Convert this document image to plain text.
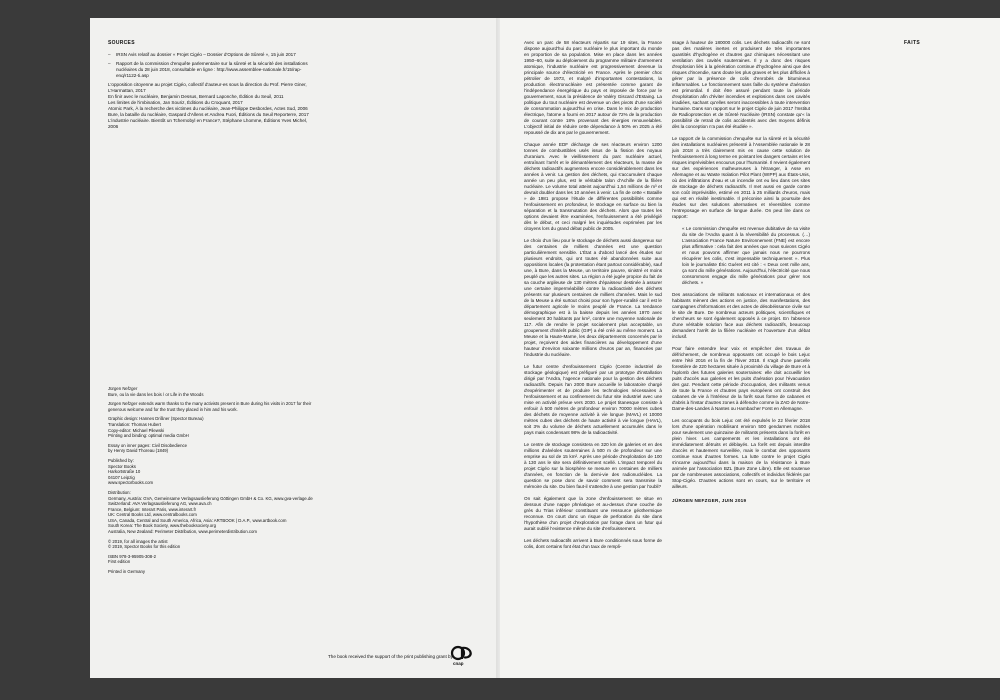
SOURCES
– IRSN Avis relatif au dossier « Projet Cigéo – Dossier d'Options de Sûreté », 15 juin 2017
– Rapport de la commission d'enquête parlementaire sur la sûreté et la sécurité des installations nucléaires du 28 juin 2018, consultable en ligne : http://www.assemblee-nationale.fr/15/rap-enq/r1122-ti.asp

L'opposition citoyenne au projet Cigéo, collectif d'auteur-es sous la direction du Prof. Pierre Giner, L'Harmattan, 2017

En finir avec le nucléaire, Benjamin Dessus, Bernard Laponche, Édition du Seuil, 2011

Les limites de l'imbination, Jan Souriz, Éditions du Croquant, 2017

Atomic Park, À la recherche des victimes du nucléaire, Jean-Philippe Desbordes, Actes Sud, 2006

Bure, la bataille du nucléaire, Gaspard d'Allens et Andrea Fuori, Éditions du Seuil Reporterre, 2017

L'industrie nucléaire. Bientôt un Tchernobyl en France?, Stéphane Lhomme, Éditions Yves Michel, 2006

Jürgen Nefzger
Bure, ou la vie dans les bois / or Life in the Woods

Jürgen Nefzger extends warm thanks to the many activists present in Bure during his visits in 2017 for their generous welcome and for the trust they placed in him and his work.

Graphic design: Hannes Drißner (Spector Bureau)
Translation: Thomas Hubert
Copy-editor: Michael Pilewski
Printing and binding: optimal media GmbH

Essay on inner pages: Civil Disobedience
by Henry David Thoreau (1849)

Published by:
Spector Books
Harkortstraße 10
04107 Leipzig
www.spectorbooks.com

Distribution:
Germany, Austria: GVA, Gemeinsame Verlagsauslieferung Göttingen GmbH & Co. KG, www.gva-verlage.de
Switzerland: AVA Verlagsauslieferung AG, www.ava.ch
France, Belgium: Interart Paris, www.interart.fr
UK: Central Books Ltd, www.centralbooks.com
USA, Canada, Central and South America, Africa, Asia: ARTBOOK | D.A.P., www.artbook.com
South Korea: The Book Society, www.thebooksociety.org
Australia, New Zealand: Perimeter Distribution, www.perimeterdistribution.com

© 2019, for all images the artist
© 2019, Spector Books for this edition

ISBN 978-3-95905-308-2
First edition

Printed in Germany

The book received the support of the print publishing grant by
cnap

Avec un parc de 58 réacteurs répartis sur 19 sites, la France dispose aujourd'hui du parc nucléaire le plus important du monde en proportion de sa population. Mise en place dans les années 1950–60, suite au déploiement du programme militaire d'armement atomique, l'industrie nucléaire est progressivement devenue la principale source d'électricité en France. Après le premier choc pétrolier de 1973, et malgré d'importantes contestations, la production électronucléaire est présentée comme garant de l'indépendance énergétique du pays et imposée de force par le gouvernement, sous la présidence de Valéry Giscard d'Estaing. La politique du tout nucléaire est devenue un des pivots d'une société de consommation aujourd'hui en crise. Dans le mix de production électrique, l'atome a fourni en 2017 autour de 72% de la production de courant contre 18% provenant des énergies renouvelables. L'objectif initial de réduire cette dépendance à 50% en 2025 a été repoussé de dix ans par le gouvernement.

Chaque année EDF décharge de ses réacteurs environ 1200 tonnes de combustibles usés issus de la fission des noyaux d'uranium. Avec le vieillissement du parc nucléaire actuel, entraînant l'arrêt et le démantèlement des réacteurs, la masse de déchets radioactifs augmentera encore considérablement dans les années à venir. La gestion des déchets, qui s'accumulent chaque année un peu plus, est le véritable talon d'Achille de la filière nucléaire. Le volume total atteint aujourd'hui 1,54 millions de m³ et devrait doubler dans les 10 années à venir. La fin de cette « Bataille » de 1981 propose l'étude de différentes possibilités comme l'enfouissement en profondeur, le stockage en surface ou bien la séparation et la transmutation des déchets. Alors que toutes les options devaient être examinées, l'enfouissement a été privilégié dès le début, et ceci malgré les inquiétudes exprimées par les citoyens lors du grand débat public de 2005.

Le choix d'un lieu pour le stockage de déchets aussi dangereux sur des centaines de milliers d'années est une question particulièrement sensible. L'État a d'abord lancé des études sur plusieurs endroits, qui ont toutes été abandonnées suite aux oppositions locales (la protestation étant partout considérable), sauf une, à Bure, dans la Meuse, un territoire pauvre, sinistré et moins peuplé que les autres sites. La région a été jugée propice du fait de sa couche argileuse de 130 mètres d'épaisseur destinée à assurer une certaine imperméabilité contre la radioactivité des déchets présents sur plusieurs centaines de milliers d'années. Mais le sud de la Meuse a été surtout choisi pour son hyper-ruralité car il est le département agricole le moins peuplé de France. La tendance démographique est à la baisse depuis les années 1970 avec seulement 30 habitants par km², contre une moyenne nationale de 117. Afin de rendre le projet socialement plus acceptable, un groupement d'intérêt public (GIP) a été créé au même moment. La Meuse et la Haute-Marne, les deux départements concernés par le projet, reçoivent des aides financières au développement d'une hauteur d'environ soixante millions d'euros par an, financées par l'industrie du nucléaire.

Le futur centre d'enfouissement Cigéo (Centre industriel de stockage géologique) est préfiguré par un prototype d'installation dirigé par l'Andra, l'agence nationale pour la gestion des déchets radioactifs. Depuis l'an 2000 Bure accueille le laboratoire chargé d'expérimenter et de produire les technologies nécessaires à l'enfouissement et au confinement du futur site industriel avec une mise en activité prévue vers 2030. Le projet titanesque consiste à enfouir à 500 mètres de profondeur environ 70000 mètres cubes des déchets de moyenne activité à vie longue (MAVL) et 10000 mètres cubes des déchets de haute activité à vie longue (HAVL), soit 3% du volume de déchets actuellement accumulés dans le pays mais condensant 98% de la radioactivité.

Le centre de stockage consistera en 320 km de galeries et en des millions d'alvéoles souterraines à 500 m de profondeur sur une emprise au sol de 15 km². Après une période d'exploitation de 100 à 130 ans le site sera définitivement scellé. L'impact temporel du projet Cigéo sur la biosphère se mesure en centaines de milliers d'années, en fonction de la demi-vie des radionucléides. La question se pose donc de savoir comment sera transmise la mémoire du site. Du bien faut-il s'attendre à une gestion par l'oubli?

On sait également que la zone d'enfouissement se situe en dessous d'une nappe phréatique et au-dessus d'une couche de grès du Trias inférieur constituant une ressource géothermique reconnue. On court donc un risque de perforation du site dans l'hypothèse d'un projet d'exploration par forage dans un futur qui aurait oublié l'existence même du site d'enfouissement.

Les déchets radioactifs arrivent à Bure conditionnés sous forme de colis, dont certains font état d'un taux de rempli-

ssage à hauteur de 180000 colis. Les déchets radioactifs ne sont pas des matières inertes et produisent de très importantes quantités d'hydrogène et d'autres gaz chimiques nécessitant une ventilation des cavités souterraines. Il y a donc des risques d'explosion liés à la génération continue d'hydrogène ainsi que des risques d'incendie, sans doute les plus graves et les plus difficiles à gérer par la présence de colis d'enrobés de bitumineux inflammables. Le fonctionnement sans faille du système d'aération est primordial. Il doit être assuré pendant toute la période d'exploitation afin d'éviter incendies et explosions dans ces cavités irradiées, sachant qu'elles seront inaccessibles à toute intervention humaine. Dans son rapport sur le projet Cigéo de juin 2017 l'Institut de Radioprotection et de Sûreté Nucléaire (IRSN) constate qu'« la possibilité de retrait de colis accidentés avec des moyens définis dès la conception n'a pas été étudiée ».

Le rapport de la commission d'enquête sur la sûreté et la sécurité des installations nucléaires présenté à l'Assemblée nationale le 28 juin 2018 a très clairement mis en cause cette solution de l'enfouissement à long terme en pointant les dangers certains et les risques imprévisibles encourus pour l'humanité. Il revient également sur des expériences malheureuses à l'étranger, à Asse en Allemagne et au Waste Isolation Pilot Plant (WIPP) aux États-Unis, où des infiltrations d'eau et un incendie ont eu lieu dans ces sites de stockage de déchets radioactifs. Il met aussi en garde contre son coût imprévisible, estimé en 2011 à 25 milliards d'euros, mais qui est en réalité inestimable. Il préconise ainsi la poursuite des études sur des solutions alternatives et réversibles comme l'entreposage en surface de longue durée. On peut lire dans ce rapport:

« Le commission d'enquête est revenue dubitative de sa visite du site de l'Andra quant à la réversibilité du processus. (…) L'association France Nature Environnement (FNE) est encore plus affirmative : cela fait des années que nous suivons Cigéo et nous pouvons affirmer que jamais nous ne pourrons récupérer les colis, c'est impensable techniquement ». Plus loin le journaliste Éric Guéret est cité : « Deux cent mille ans, ça sont dix mille générations. Aujourd'hui, l'électricité que nous consommons engage dix mille générations pour gérer nos déchets. »

Des associations de militants nationaux et internationaux et des habitants mènent des actions en justice, des manifestations, des campagnes d'informations et des actes de désobéissance civile sur le site de Bure. De nombreux acteurs politiques, scientifiques et chercheurs se sont également opposés à ce projet. En l'absence d'une véritable solution face aux déchets radioactifs, beaucoup demandent l'arrêt de la filière nucléaire et l'ouverture d'un débat inclusif.

Pour faire entendre leur voix et empêcher des travaux de défrichement, de nombreux opposants ont occupé le bois Lejuc entre l'été 2016 et la fin de l'hiver 2018. Il s'agit d'une parcelle forestière de 220 hectares située à proximité du village de Bure et à l'aplomb des futures galeries souterraines: elle doit accueillir les puits d'accès aux galeries et les puits d'aération pour l'évacuation des gaz. Pendant cette période d'occupation, des militants venus de toute la France et d'autres pays européens ont construit des cabanes de vie à l'intérieur de la forêt sous forme de cabanes et d'abris à l'instar d'autres zones à défendre comme la ZAD de Notre-Dame-des-Landes à Nantes ou Hambacher Forst en Allemagne.

Les occupants du bois Lejuc ont été expulsés le 22 février 2018 lors d'une opération mobilisant environ 500 gendarmes mobiles pour seulement une quinzaine de militants présents dans la forêt en plein hiver. Les campements et les installations ont été immédiatement détruits et déblayés. La forêt est depuis interdite d'accès et hautement surveillée, mais le combat des opposants continue sous d'autres formes. La lutte contre le projet Cigéo s'incarne aujourd'hui dans la maison de la résistance à Bure animée par l'association BZL (Bure Zone Libre). Elle est soutenue par de nombreuses associations, collectifs et individus fédérés par Stop-Cigéo. D'autres actions sont en cours, sur le territoire et ailleurs.

JÜRGEN NEFZGER, JUIN 2019
FAITS
